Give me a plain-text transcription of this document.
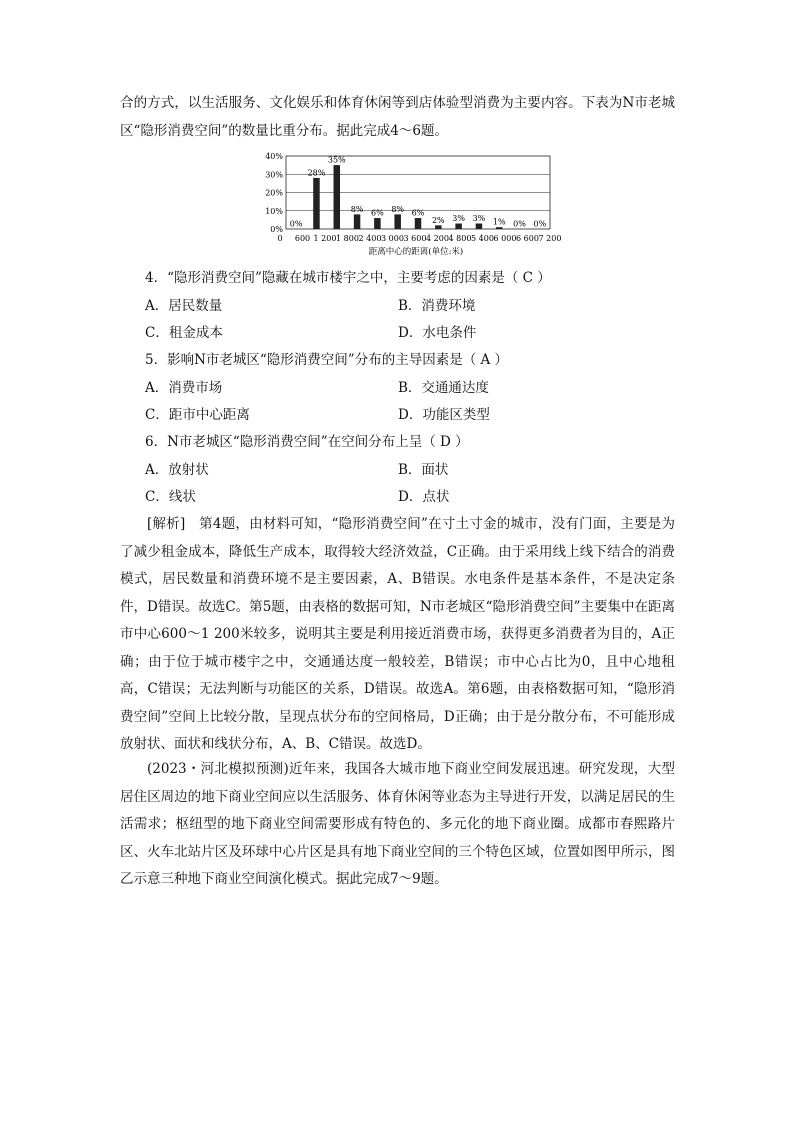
合的方式，以生活服务、文化娱乐和体育休闲等到店体验型消费为主要内容。下表为N市老城区“隐形消费空间”的数量比重分布。据此完成4～6题。

0%
10%
20%
30%
40%
0%
28%
35%
8% 6% 8% 6%
2% 3% 3% 1% 0% 0%
0 600 1 200 1 800 2 400 3 000 3 600 4 200 4 800 5 400 6 000 6 600 7 200
距离中心的距离(单位:米)

4．“隐形消费空间”隐藏在城市楼宇之中，主要考虑的因素是（ C ）

A．居民数量	B．消费环境

C．租金成本	D．水电条件

5．影响N市老城区“隐形消费空间”分布的主导因素是（ A ）

A．消费市场	B．交通通达度

C．距市中心距离	D．功能区类型

6．N市老城区“隐形消费空间”在空间分布上呈（ D ）

A．放射状	B．面状

C．线状	D．点状

[解析]　第4题，由材料可知，“隐形消费空间”在寸土寸金的城市，没有门面，主要是为了减少租金成本，降低生产成本，取得较大经济效益，C正确。由于采用线上线下结合的消费模式，居民数量和消费环境不是主要因素，A、B错误。水电条件是基本条件，不是决定条件，D错误。故选C。第5题，由表格的数据可知，N市老城区“隐形消费空间”主要集中在距离市中心600～1 200米较多，说明其主要是利用接近消费市场，获得更多消费者为目的，A正确；由于位于城市楼宇之中，交通通达度一般较差，B错误；市中心占比为0，且中心地租高，C错误；无法判断与功能区的关系，D错误。故选A。第6题，由表格数据可知，“隐形消费空间”空间上比较分散，呈现点状分布的空间格局，D正确；由于是分散分布，不可能形成放射状、面状和线状分布，A、B、C错误。故选D。

(2023・河北模拟预测)近年来，我国各大城市地下商业空间发展迅速。研究发现，大型居住区周边的地下商业空间应以生活服务、体育休闲等业态为主导进行开发，以满足居民的生活需求；枢纽型的地下商业空间需要形成有特色的、多元化的地下商业圈。成都市春熙路片区、火车北站片区及环球中心片区是具有地下商业空间的三个特色区域，位置如图甲所示，图乙示意三种地下商业空间演化模式。据此完成7～9题。
